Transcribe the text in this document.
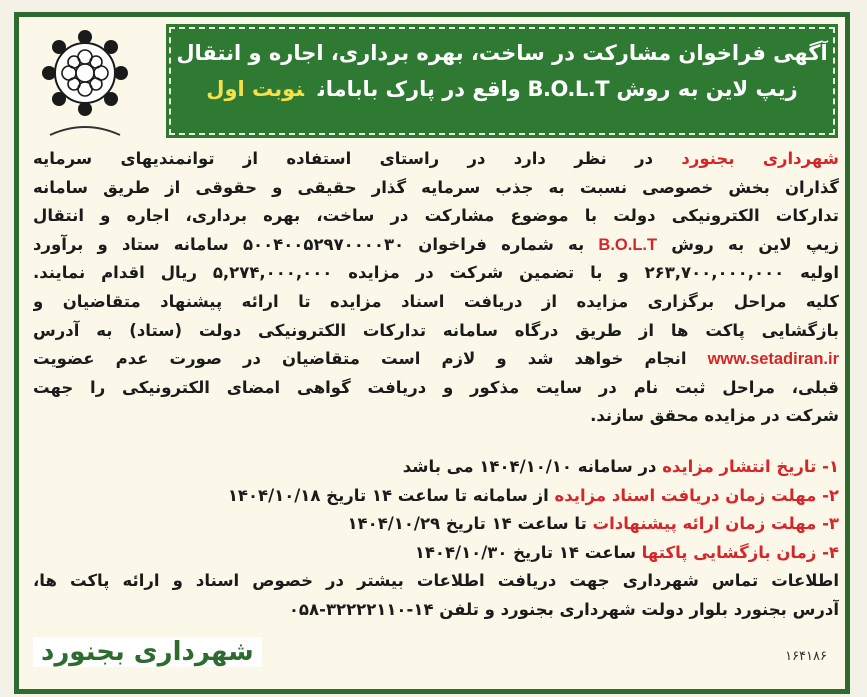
آگهی فراخوان مشارکت در ساخت، بهره برداری، اجاره و انتقال
زیپ لاین به روش B.O.L.T واقع در پارک باباماننوبت اول
شهرداری بجنورد در نظر دارد در راستای استفاده از توانمندیهای سرمایه
گذاران بخش خصوصی نسبت به جذب سرمایه گذار حقیقی و حقوقی از طریق سامانه
تدارکات الکترونیکی دولت با موضوع مشارکت در ساخت، بهره برداری، اجاره و انتقال
زیپ لاین به روش B.O.L.T به شماره فراخوان ۵۰۰۴۰۰۵۲۹۷۰۰۰۰۳۰ سامانه ستاد و برآورد
اولیه ۲۶۳,۷۰۰,۰۰۰,۰۰۰ و با تضمین شرکت در مزایده ۵,۲۷۴,۰۰۰,۰۰۰ ریال اقدام نمایند.
کلیه مراحل برگزاری مزایده از دریافت اسناد مزایده تا ارائه پیشنهاد متقاضیان و
بازگشایی پاکت ها از طریق درگاه سامانه تدارکات الکترونیکی دولت (ستاد) به آدرس
www.setadiran.ir انجام خواهد شد و لازم است متقاضیان در صورت عدم عضویت
قبلی، مراحل ثبت نام در سایت مذکور و دریافت گواهی امضای الکترونیکی را جهت
شرکت در مزایده محقق سازند.
۱- تاریخ انتشار مزایده در سامانه ۱۴۰۴/۱۰/۱۰ می باشد
۲- مهلت زمان دریافت اسناد مزایده از سامانه تا ساعت ۱۴ تاریخ ۱۴۰۴/۱۰/۱۸
۳- مهلت زمان ارائه پیشنهادات تا ساعت ۱۴ تاریخ ۱۴۰۴/۱۰/۲۹
۴- زمان بازگشایی پاکتها ساعت ۱۴ تاریخ ۱۴۰۴/۱۰/۳۰
اطلاعات تماس شهرداری جهت دریافت اطلاعات بیشتر در خصوص اسناد و ارائه پاکت ها،
آدرس بجنورد بلوار دولت شهرداری بجنورد و تلفن ۱۴-۳۲۲۲۲۱۱۰-۰۵۸
شهرداری بجنورد	۱۶۴۱۸۶
